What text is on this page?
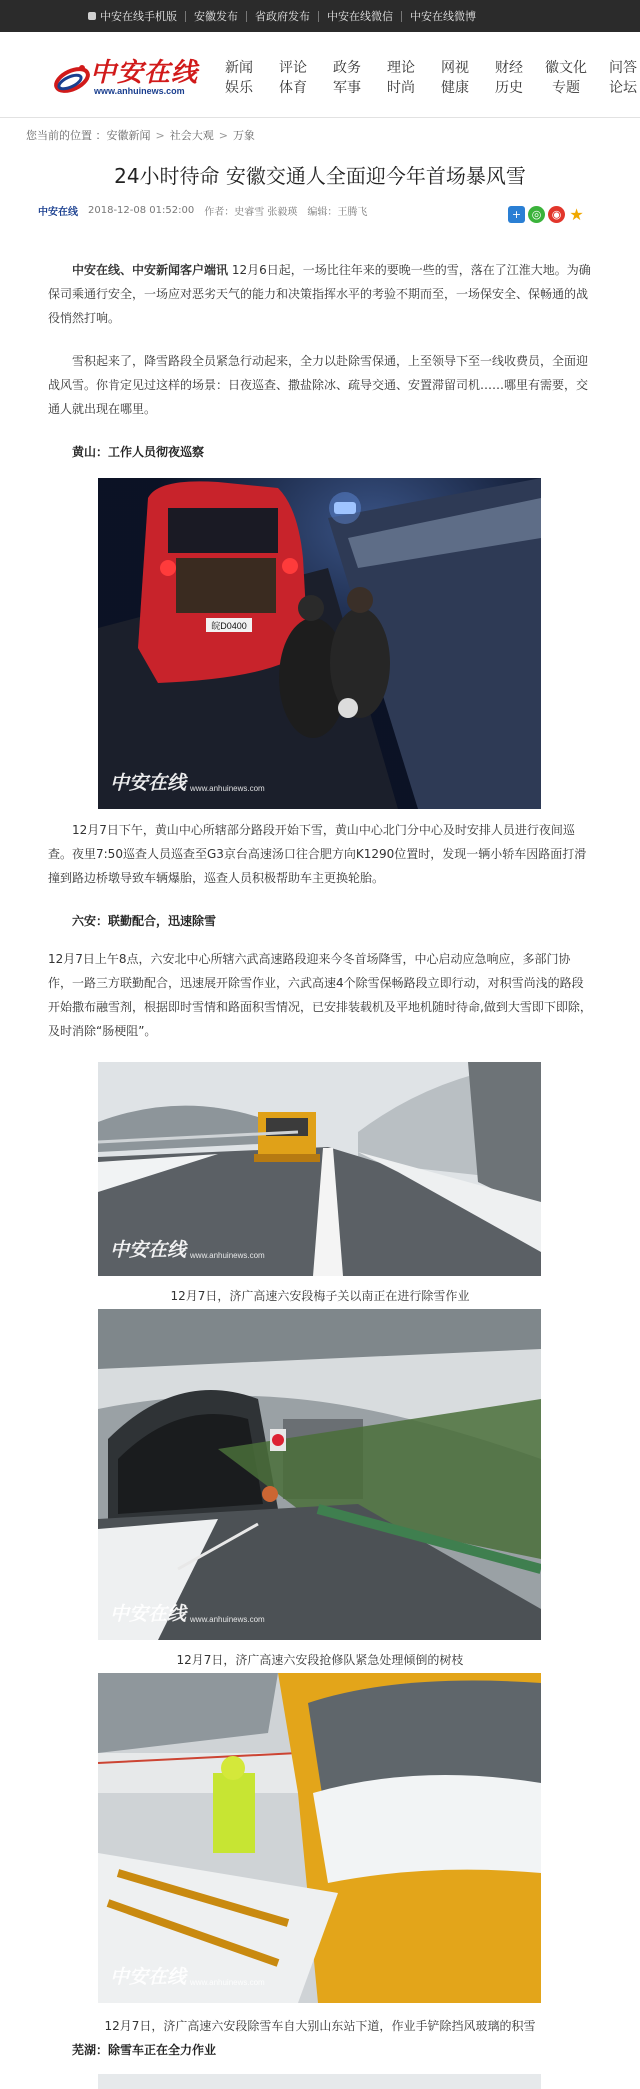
中安在线手机版 安徽发布 省政府发布 中安在线微信 中安在线微博
中安在线
www.anhuinews.com
新闻
娱乐
评论
体育
政务
军事
理论
时尚
网视
健康
财经
历史
徽文化
专题
问答
论坛
您当前的位置 ： 安徽新闻 > 社会大观 > 万象
24小时待命 安徽交通人全面迎今年首场暴风雪
中安在线 2018-12-08 01:52:00 作者：史睿雪 张毅瑛 编辑：王腾飞	+ ◎ ◉ ★

中安在线、中安新闻客户端讯 12月6日起，一场比往年来的要晚一些的雪，落在了江淮大地。为确保司乘通行安全，一场应对恶劣天气的能力和决策指挥水平的考验不期而至，一场保安全、保畅通的战役悄然打响。

雪积起来了，降雪路段全员紧急行动起来，全力以赴除雪保通，上至领导下至一线收费员，全面迎战风雪。你肯定见过这样的场景：日夜巡查、撒盐除冰、疏导交通、安置滞留司机……哪里有需要，交通人就出现在哪里。

黄山：工作人员彻夜巡察
皖D0400
中安在线 www.anhuinews.com

12月7日下午，黄山中心所辖部分路段开始下雪，黄山中心北门分中心及时安排人员进行夜间巡查。夜里7:50巡查人员巡查至G3京台高速汤口往合肥方向K1290位置时，发现一辆小轿车因路面打滑撞到路边桥墩导致车辆爆胎，巡查人员积极帮助车主更换轮胎。

六安：联勤配合，迅速除雪

12月7日上午8点，六安北中心所辖六武高速路段迎来今冬首场降雪，中心启动应急响应，多部门协作，一路三方联勤配合，迅速展开除雪作业，六武高速4个除雪保畅路段立即行动，对积雪尚浅的路段开始撒布融雪剂，根据即时雪情和路面积雪情况，已安排装载机及平地机随时待命,做到大雪即下即除，及时消除“肠梗阻”。

中安在线 www.anhuinews.com
12月7日，济广高速六安段梅子关以南正在进行除雪作业
中安在线 www.anhuinews.com
12月7日，济广高速六安段抢修队紧急处理倾倒的树枝
中安在线 www.anhuinews.com
12月7日，济广高速六安段除雪车自大别山东站下道，作业手铲除挡风玻璃的积雪
芜湖：除雪车正在全力作业
